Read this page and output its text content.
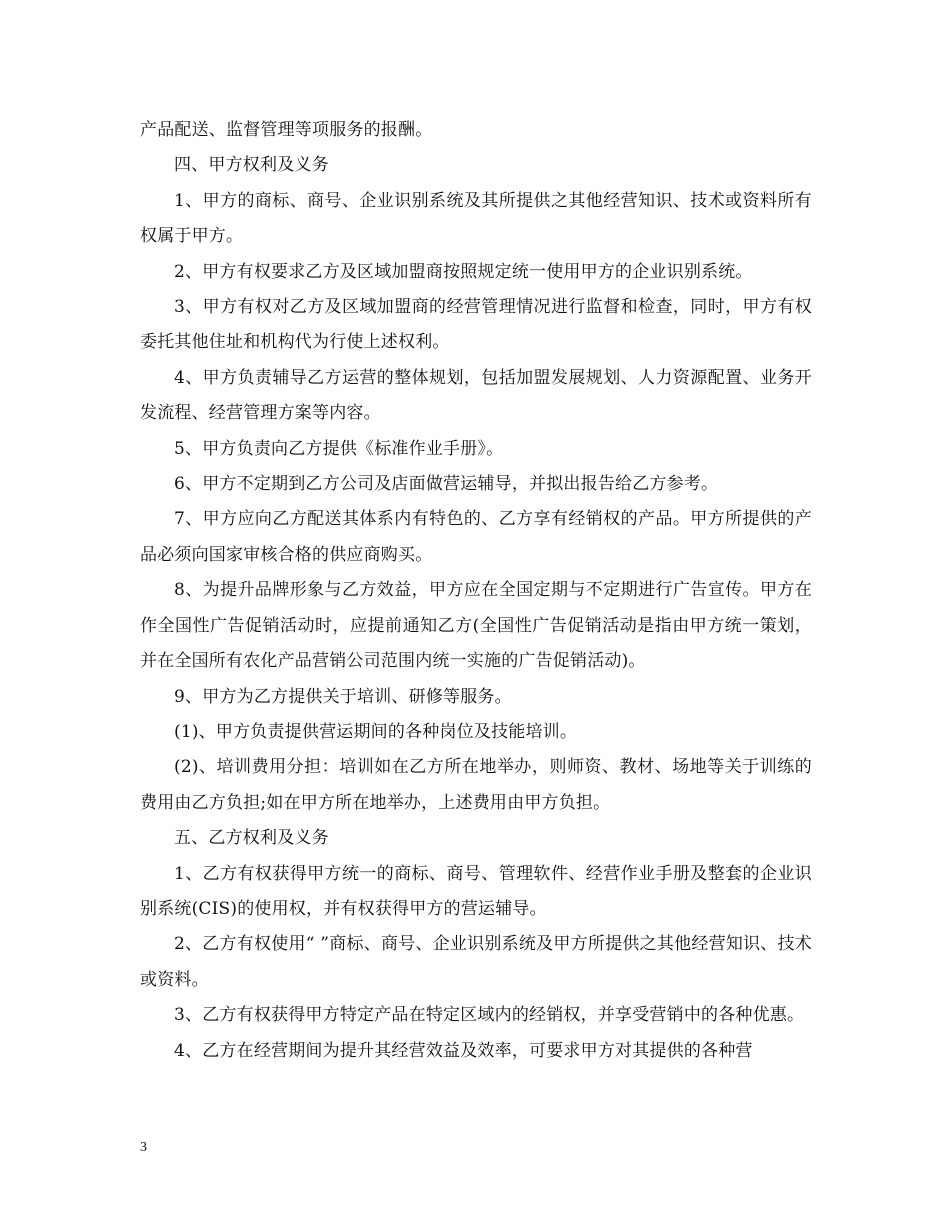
产品配送、监督管理等项服务的报酬。

四、甲方权利及义务

1、甲方的商标、商号、企业识别系统及其所提供之其他经营知识、技术或资料所有权属于甲方。

2、甲方有权要求乙方及区域加盟商按照规定统一使用甲方的企业识别系统。

3、甲方有权对乙方及区域加盟商的经营管理情况进行监督和检查，同时，甲方有权委托其他住址和机构代为行使上述权利。

4、甲方负责辅导乙方运营的整体规划，包括加盟发展规划、人力资源配置、业务开发流程、经营管理方案等内容。

5、甲方负责向乙方提供《标准作业手册》。

6、甲方不定期到乙方公司及店面做营运辅导，并拟出报告给乙方参考。

7、甲方应向乙方配送其体系内有特色的、乙方享有经销权的产品。甲方所提供的产品必须向国家审核合格的供应商购买。

8、为提升品牌形象与乙方效益，甲方应在全国定期与不定期进行广告宣传。甲方在作全国性广告促销活动时，应提前通知乙方(全国性广告促销活动是指由甲方统一策划，并在全国所有农化产品营销公司范围内统一实施的广告促销活动)。

9、甲方为乙方提供关于培训、研修等服务。

(1)、甲方负责提供营运期间的各种岗位及技能培训。

(2)、培训费用分担：培训如在乙方所在地举办，则师资、教材、场地等关于训练的费用由乙方负担;如在甲方所在地举办，上述费用由甲方负担。

五、乙方权利及义务

1、乙方有权获得甲方统一的商标、商号、管理软件、经营作业手册及整套的企业识别系统(CIS)的使用权，并有权获得甲方的营运辅导。

2、乙方有权使用“ ”商标、商号、企业识别系统及甲方所提供之其他经营知识、技术或资料。

3、乙方有权获得甲方特定产品在特定区域内的经销权，并享受营销中的各种优惠。

4、乙方在经营期间为提升其经营效益及效率，可要求甲方对其提供的各种营

3
